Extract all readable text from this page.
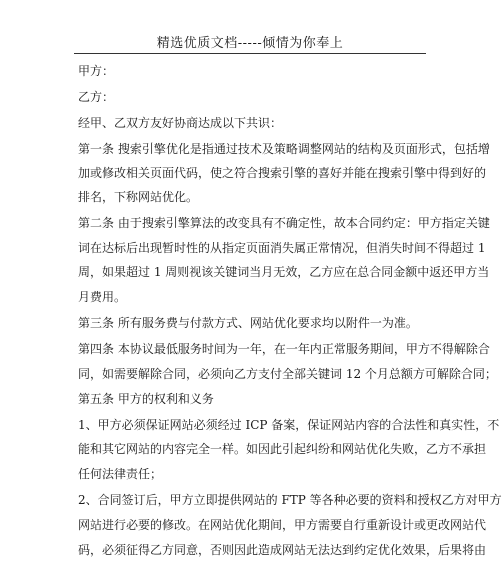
精选优质文档-----倾情为你奉上
甲方：
乙方：
经甲、乙双方友好协商达成以下共识：
第一条 搜索引擎优化是指通过技术及策略调整网站的结构及页面形式，包括增
加或修改相关页面代码，使之符合搜索引擎的喜好并能在搜索引擎中得到好的
排名，下称网站优化。
第二条 由于搜索引擎算法的改变具有不确定性，故本合同约定：甲方指定关键
词在达标后出现暂时性的从指定页面消失属正常情况，但消失时间不得超过 1
周，如果超过 1 周则视该关键词当月无效，乙方应在总合同金额中返还甲方当
月费用。
第三条 所有服务费与付款方式、网站优化要求均以附件一为准。
第四条 本协议最低服务时间为一年，在一年内正常服务期间，甲方不得解除合
同，如需要解除合同，必须向乙方支付全部关键词 12 个月总额方可解除合同；
第五条 甲方的权利和义务
1、甲方必须保证网站必须经过 ICP 备案，保证网站内容的合法性和真实性，不
能和其它网站的内容完全一样。如因此引起纠纷和网站优化失败，乙方不承担
任何法律责任；
2、合同签订后，甲方立即提供网站的 FTP 等各种必要的资料和授权乙方对甲方
网站进行必要的修改。在网站优化期间，甲方需要自行重新设计或更改网站代
码，必须征得乙方同意，否则因此造成网站无法达到约定优化效果，后果将由
